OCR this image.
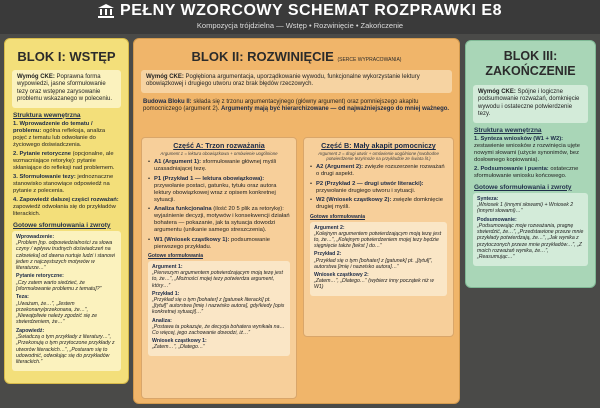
PEŁNY WZORCOWY SCHEMAT ROZPRAWKI E8
Kompozycja trójdzielna — Wstęp • Rozwinięcie • Zakończenie
BLOK I: WSTĘP
Wymóg CKE: Poprawna forma wypowiedzi, jasne sformułowanie tezy oraz wstępne zarysowanie problemu wskazanego w poleceniu.
Struktura wewnętrzna
1. Wprowadzenie do tematu / problemu: ogólna refleksja, analiza pojęć z tematu lub odwołanie do życiowego doświadczenia.
2. Pytanie retoryczne (opcjonalne, ale wzmacniające retorykę): pytanie skłaniające do refleksji nad problemem.
3. Sformułowanie tezy: jednoznaczne stanowisko stanowiące odpowiedź na pytanie z polecenia.
4. Zapowiedź dalszej części rozważań: zapowiedź odwołania się do przykładów literackich.
Gotowe sformułowania i zwroty
Wprowadzenie:
„Problem [np. odpowiedzialności za słowa czyny / wpływu trudnych doświadczeń na człowieka] od dawna nurtuje ludzi i stanowi jeden z najczęstszych motywów w literaturze…”
Pytanie retoryczne:
„Czy zatem warto siedzieć, że [sformułowanie problemu z tematu]?”
Teza:
„Uważam, że…”, „Jestem przekonany/przekonana, że…”, „Niewątpliwie należy zgodzić się ze stwierdzeniem, że…”
Zapowiedź:
„Świadczą o tym przykłady z literatury…”, „Przekonują o tym przytoczone przykłady z utworów literackich…”, „Postaram się to udowodnić, odwołując się do przykładów literackich.”
BLOK II: ROZWINIĘCIE (SERCE WYPRACOWANIA)
Wymóg CKE: Pogłębiona argumentacja, uporządkowanie wywodu, funkcjonalne wykorzystanie lektury obowiązkowej i drugiego utworu oraz brak błędów rzeczowych.
Budowa Bloku II: składa się z trzonu argumentacyjnego (główny argument) oraz pomniejszego akapitu pomocniczego (argument 2). Argumenty mają być hierarchizowane — od najważniejszego do mniej ważnego.
Część A: Trzon rozważania
Argument 1 = lektura obowiązkowa + omówienie uogólnione
• A1 (Argument 1): sformułowanie głównej myśli uzasadniającej tezę.
• P1 (Przykład 1 — lektura obowiązkowa): przywołanie postaci, gatunku, tytułu oraz autora lektury obowiązkowej wraz z opisem konkretnej sytuacji.
• Analiza funkcjonalna (ilość 20 5 plik za retorykę): wyjaśnienie decyzji, motywów i konsekwencji działań bohatera — pokazanie, jak ta sytuacja dowodzi argumentu (unikanie samego streszczenia).
• W1 (Wniosek cząstkowy 1): podsumowanie pierwszego przykładu.
Gotowe sformułowania
Argument 1:
„Pierwszym argumentem potwierdzającym moją tezę jest to, że…”, „Możności mojej tezy potwierdza argument, który…”
Przykład 1:
„Przykład się o tym [bohater] z [gatunek literacki] pt. „[tytuł]” autorstwa [imię i nazwisko autora], gdy/kiedy [opis konkretnej sytuacji]…”
Analiza:
„Postawa ta pokazuje, że decyzja bohatera wynikała na… Co więcej, jego zachowanie dowodzi, iż…”
Wniosek cząstkowy 1:
„Zatem…”, „Dlatego…”
Część B: Mały akapit pomocniczy
Argument 2 = drugi utwór + omówienie uogólnione (swobodne potwierdzenie tezy/może na przykładzie ze świata lit.)
• A2 (Argument 2): zwięzłe rozszerzenie rozważań o drugi aspekt.
• P2 (Przykład 2 — drugi utwór literacki): przywołanie drugiego utworu i sytuacji.
• W2 (Wniosek cząstkowy 2): zwięzłe domknięcie drugiej myśli.
Gotowe sformułowania
Argument 2:
„Kolejnym argumentem potwierdzającym moją tezę jest to, że…”, „Kolejnym potwierdzeniem mojej tezy będzie sięgnięcie także [tekst ] do…”
Przykład 2:
„Przykład się o tym [bohater] z [gatunek] pt. „[tytuł]”, autorstwa [imię i nazwisko autora]…”
Wniosek cząstkowy 2:
„Zatem…”, „Dlatego…” (wybierz inny początek niż w W1)
BLOK III:
ZAKOŃCZENIE
Wymóg CKE: Spójne i logiczne podsumowanie rozważań, domknięcie wywodu i ostateczne potwierdzenie tezy.
Struktura wewnętrzna
1. Synteza wniosków (W1 + W2): zestawienie wniosków z rozwinięcia ujęte nowymi słowami (użycie synonimów, bez dosłownego kopiowania).
2. Podsumowanie i puenta: ostateczne sformułowanie wniosku końcowego.
Gotowe sformułowania i zwroty
Synteza:
„Wniosek 1 (innymi słowami) + Wniosek 2 (innymi słowami)…”
Podsumowanie:
„Podsumowując moje rozważania, pragnę stwierdzić, że…”, „Przedstawione przeze mnie przykłady potwierdzają, że…”, „Jak wynika z przytoczonych przeze mnie przykładów…”, „Z moich rozważań wynika, że…”, „Reasumując…”
